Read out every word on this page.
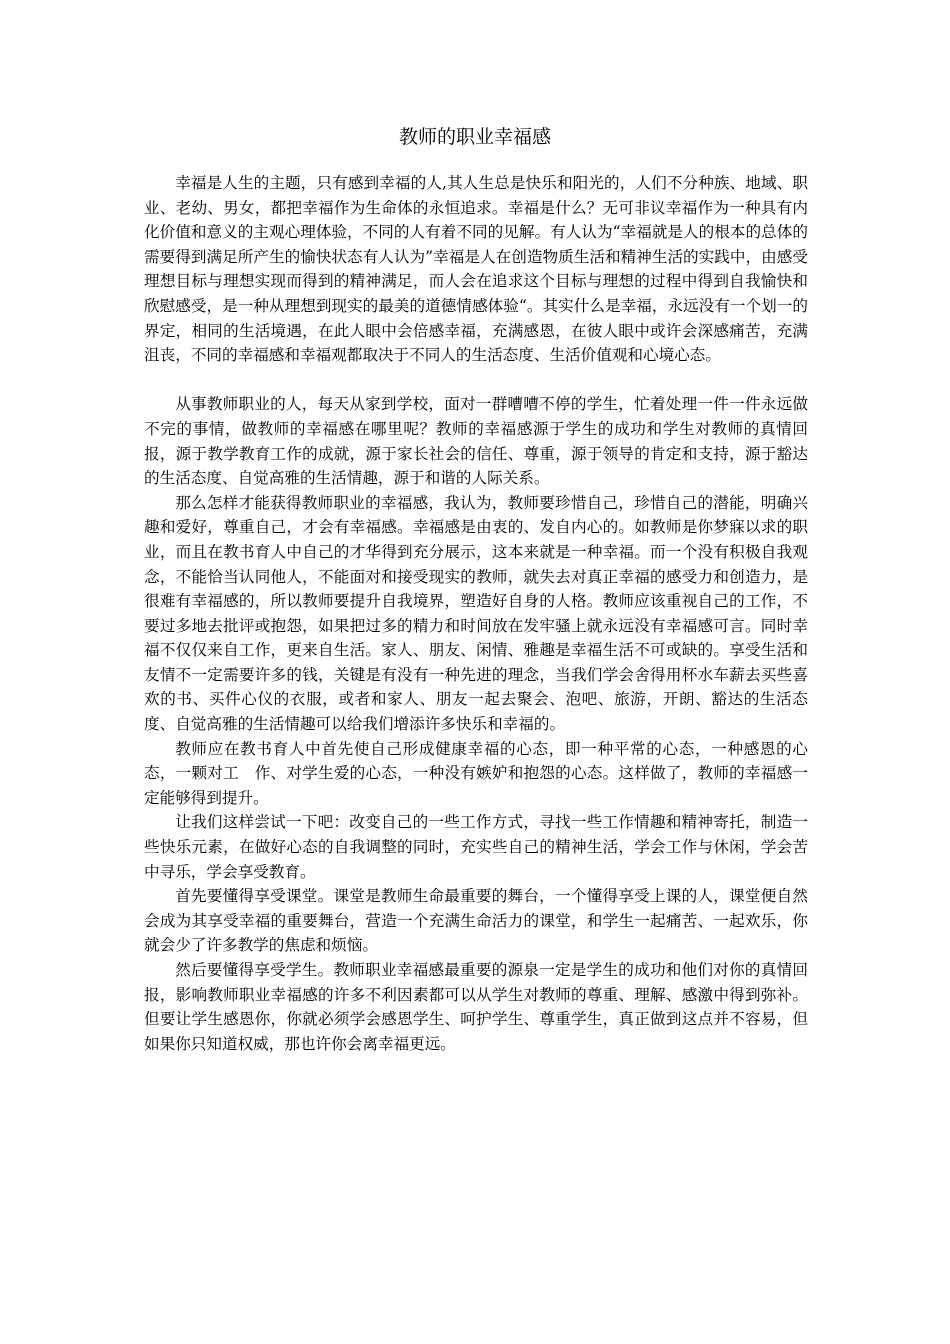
教师的职业幸福感

幸福是人生的主题，只有感到幸福的人,其人生总是快乐和阳光的，人们不分种族、地域、职业、老幼、男女，都把幸福作为生命体的永恒追求。幸福是什么？无可非议幸福作为一种具有内化价值和意义的主观心理体验，不同的人有着不同的见解。有人认为“幸福就是人的根本的总体的需要得到满足所产生的愉快状态有人认为”幸福是人在创造物质生活和精神生活的实践中，由感受理想目标与理想实现而得到的精神满足，而人会在追求这个目标与理想的过程中得到自我愉快和欣慰感受，是一种从理想到现实的最美的道德情感体验“。其实什么是幸福，永远没有一个划一的界定，相同的生活境遇，在此人眼中会倍感幸福，充满感恩，在彼人眼中或许会深感痛苦，充满沮丧，不同的幸福感和幸福观都取决于不同人的生活态度、生活价值观和心境心态。

从事教师职业的人，每天从家到学校，面对一群嘈嘈不停的学生，忙着处理一件一件永远做不完的事情，做教师的幸福感在哪里呢？教师的幸福感源于学生的成功和学生对教师的真情回报，源于教学教育工作的成就，源于家长社会的信任、尊重，源于领导的肯定和支持，源于豁达的生活态度、自觉高雅的生活情趣，源于和谐的人际关系。

那么怎样才能获得教师职业的幸福感，我认为，教师要珍惜自己，珍惜自己的潜能，明确兴趣和爱好，尊重自己，才会有幸福感。幸福感是由衷的、发自内心的。如教师是你梦寐以求的职业，而且在教书育人中自己的才华得到充分展示，这本来就是一种幸福。而一个没有积极自我观念，不能恰当认同他人，不能面对和接受现实的教师，就失去对真正幸福的感受力和创造力，是很难有幸福感的，所以教师要提升自我境界，塑造好自身的人格。教师应该重视自己的工作，不要过多地去批评或抱怨，如果把过多的精力和时间放在发牢骚上就永远没有幸福感可言。同时幸福不仅仅来自工作，更来自生活。家人、朋友、闲情、雅趣是幸福生活不可或缺的。享受生活和友情不一定需要许多的钱，关键是有没有一种先进的理念，当我们学会舍得用杯水车薪去买些喜欢的书、买件心仪的衣服，或者和家人、朋友一起去聚会、泡吧、旅游，开朗、豁达的生活态度、自觉高雅的生活情趣可以给我们增添许多快乐和幸福的。

教师应在教书育人中首先使自己形成健康幸福的心态，即一种平常的心态，一种感恩的心态，一颗对工　作、对学生爱的心态，一种没有嫉妒和抱怨的心态。这样做了，教师的幸福感一定能够得到提升。

让我们这样尝试一下吧：改变自己的一些工作方式，寻找一些工作情趣和精神寄托，制造一些快乐元素，在做好心态的自我调整的同时，充实些自己的精神生活，学会工作与休闲，学会苦中寻乐，学会享受教育。

首先要懂得享受课堂。课堂是教师生命最重要的舞台，一个懂得享受上课的人，课堂便自然会成为其享受幸福的重要舞台，营造一个充满生命活力的课堂，和学生一起痛苦、一起欢乐，你就会少了许多教学的焦虑和烦恼。

然后要懂得享受学生。教师职业幸福感最重要的源泉一定是学生的成功和他们对你的真情回报，影响教师职业幸福感的许多不利因素都可以从学生对教师的尊重、理解、感激中得到弥补。但要让学生感恩你，你就必须学会感恩学生、呵护学生、尊重学生，真正做到这点并不容易，但如果你只知道权威，那也许你会离幸福更远。
